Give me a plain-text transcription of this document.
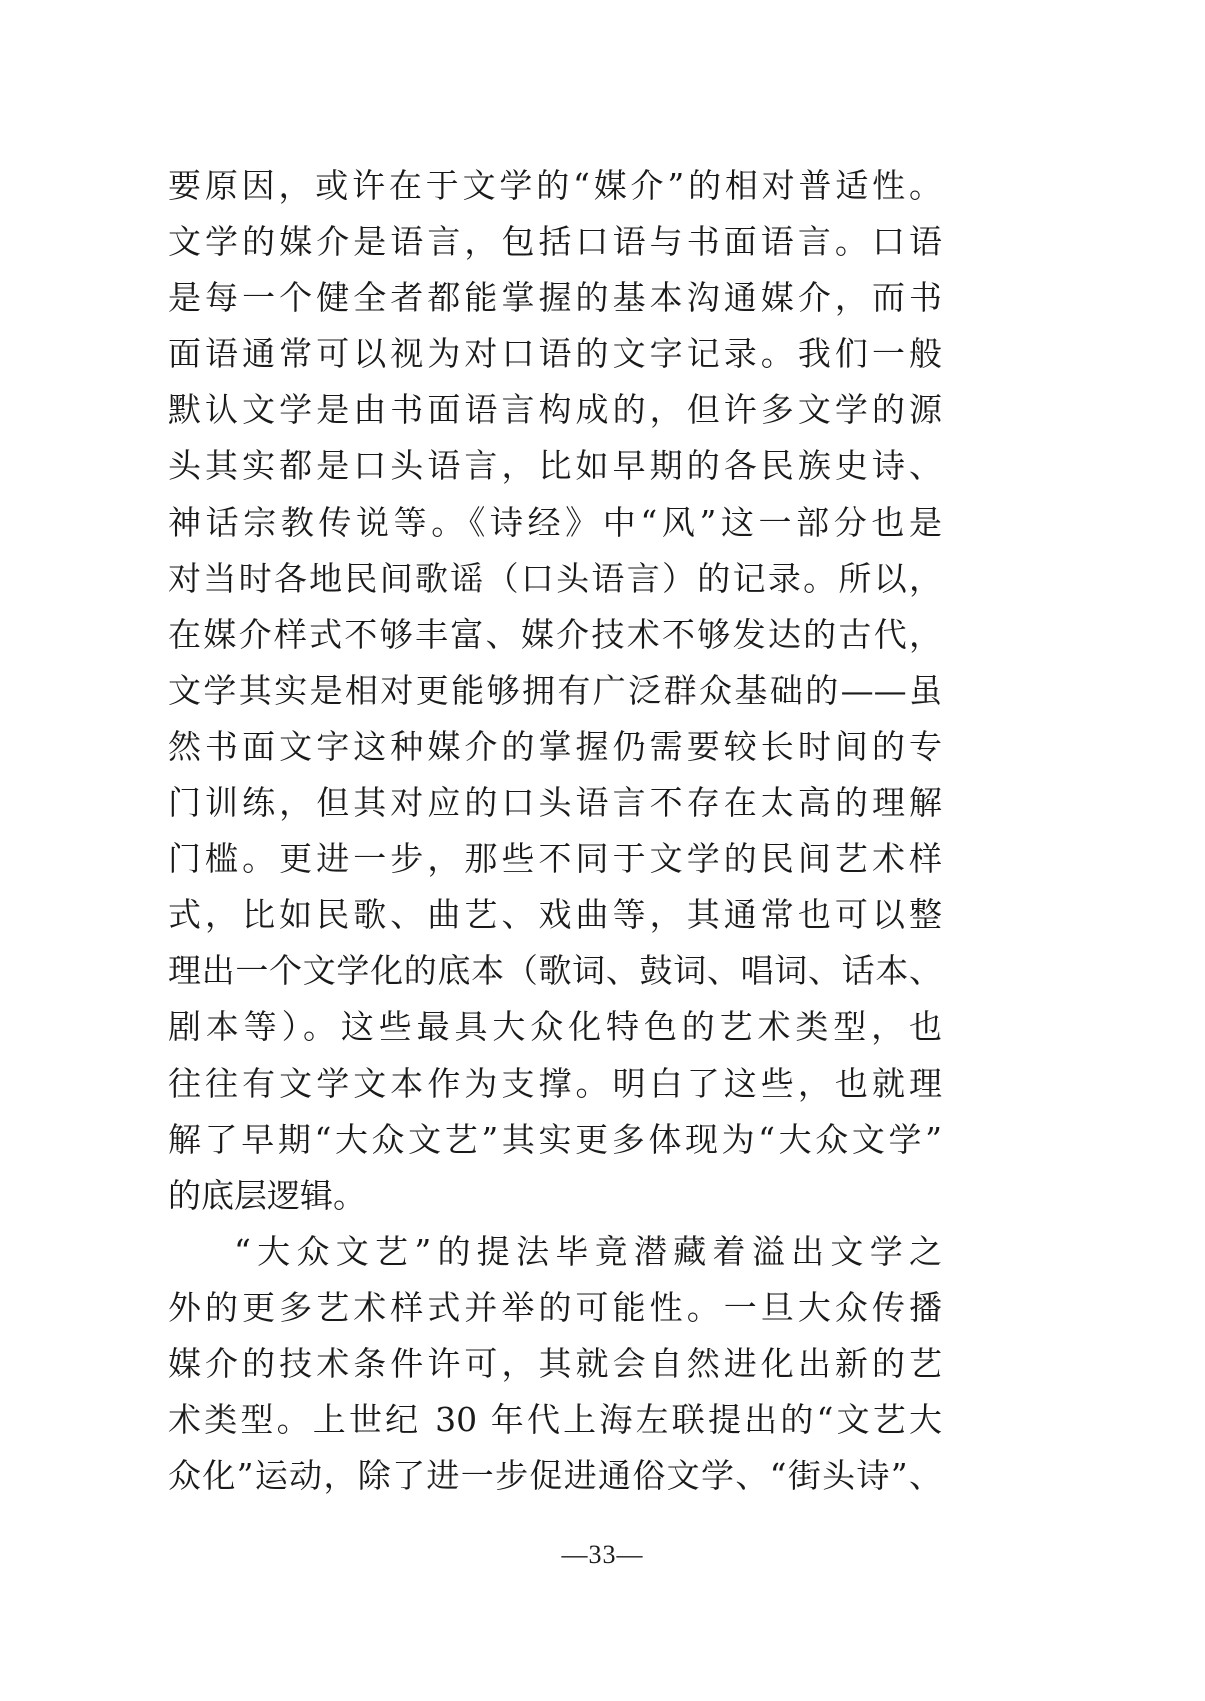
要原因，或许在于文学的“媒介”的相对普适性。
文学的媒介是语言，包括口语与书面语言。口语
是每一个健全者都能掌握的基本沟通媒介，而书
面语通常可以视为对口语的文字记录。我们一般
默认文学是由书面语言构成的，但许多文学的源
头其实都是口头语言，比如早期的各民族史诗、
神话宗教传说等。《诗经》中“风”这一部分也是
对当时各地民间歌谣（口头语言）的记录。所以，
在媒介样式不够丰富、媒介技术不够发达的古代，
文学其实是相对更能够拥有广泛群众基础的——虽
然书面文字这种媒介的掌握仍需要较长时间的专
门训练，但其对应的口头语言不存在太高的理解
门槛。更进一步，那些不同于文学的民间艺术样
式，比如民歌、曲艺、戏曲等，其通常也可以整
理出一个文学化的底本（歌词、鼓词、唱词、话本、
剧本等）。这些最具大众化特色的艺术类型，也
往往有文学文本作为支撑。明白了这些，也就理
解了早期“大众文艺”其实更多体现为“大众文学”
的底层逻辑。
“大众文艺”的提法毕竟潜藏着溢出文学之
外的更多艺术样式并举的可能性。一旦大众传播
媒介的技术条件许可，其就会自然进化出新的艺
术类型。上世纪 30 年代上海左联提出的“文艺大
众化”运动，除了进一步促进通俗文学、“街头诗”、
—33—
